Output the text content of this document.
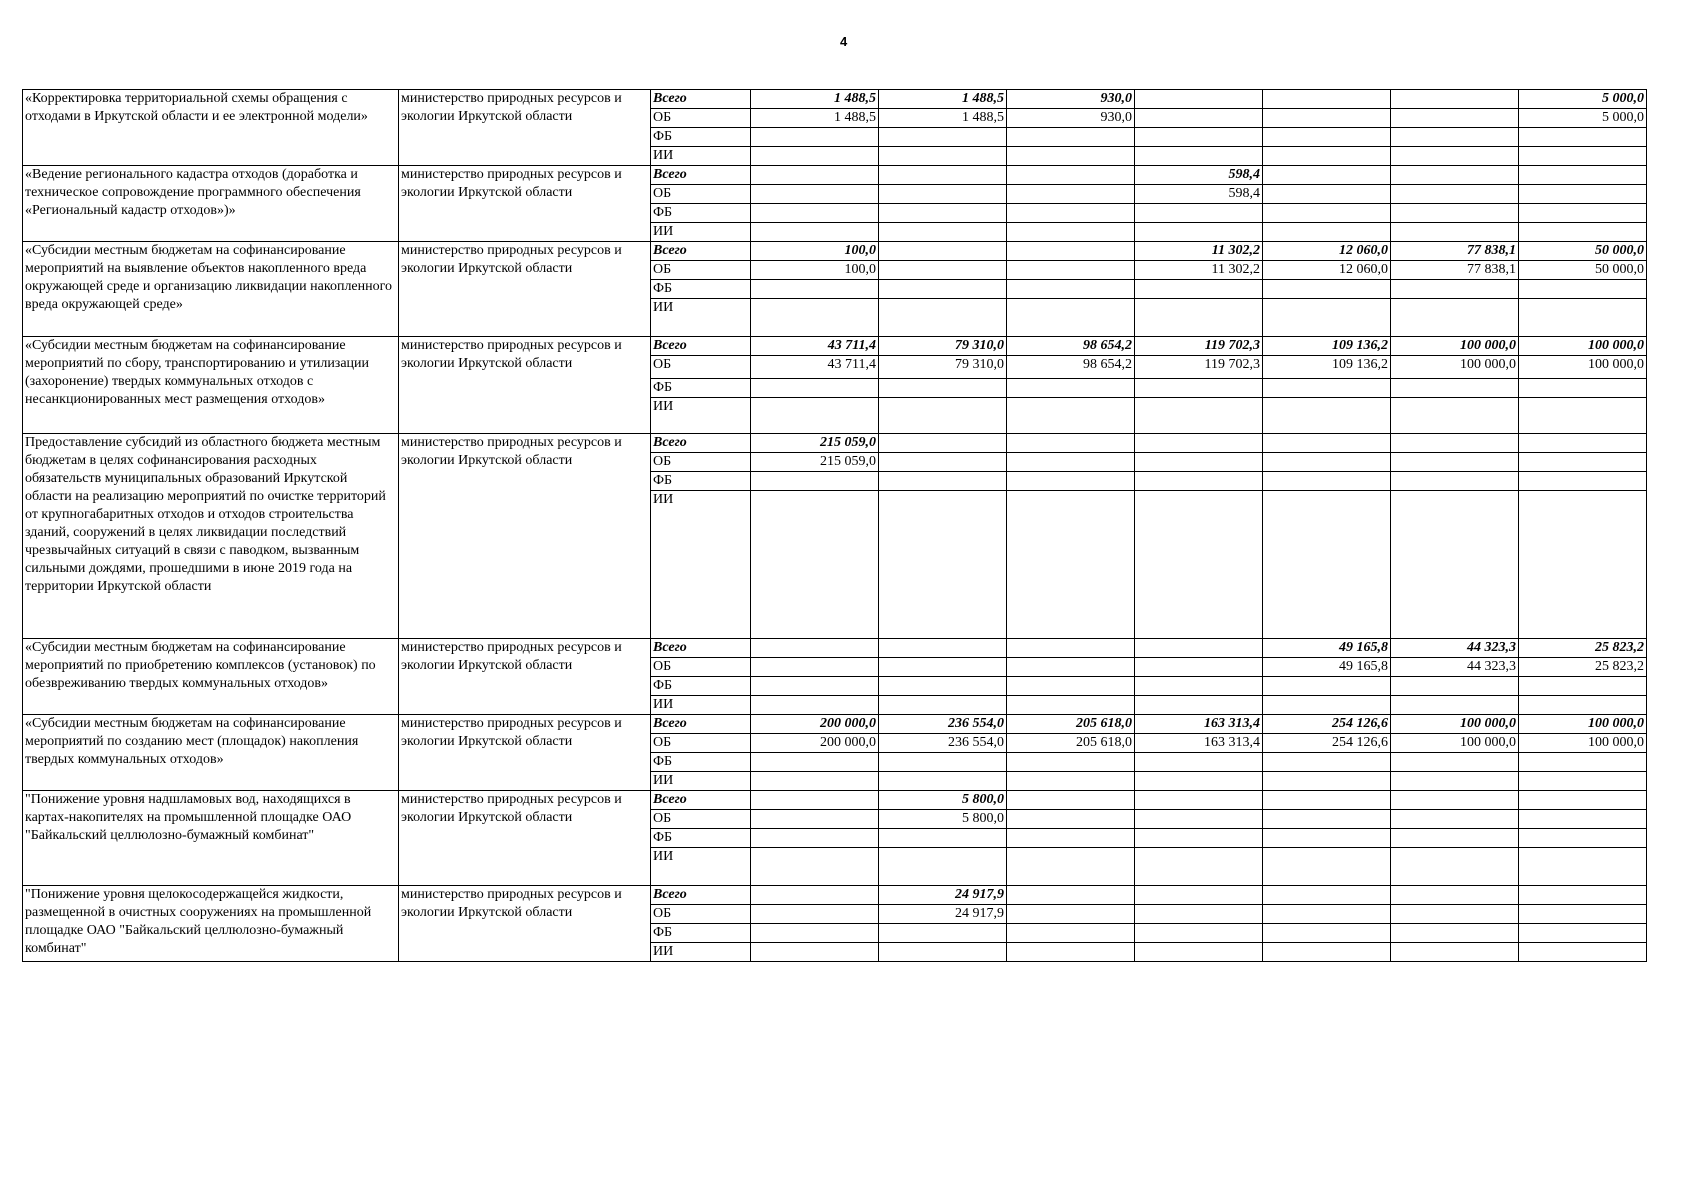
4
«Корректировка территориальной схемы обращения с отходами в Иркутской области и ее электронной модели»	министерство природных ресурсов и экологии Иркутской области	Всего	1 488,5	1 488,5	930,0				5 000,0
		ОБ	1 488,5	1 488,5	930,0				5 000,0
		ФБ							
		ИИ							
«Ведение регионального кадастра отходов (доработка и техническое сопровождение программного обеспечения «Региональный кадастр отходов»)»	министерство природных ресурсов и экологии Иркутской области	Всего				598,4			
		ОБ				598,4			
		ФБ							
		ИИ							
«Субсидии местным бюджетам на софинансирование мероприятий на выявление объектов накопленного вреда окружающей среде и организацию ликвидации накопленного вреда окружающей среде»	министерство природных ресурсов и экологии Иркутской области	Всего	100,0			11 302,2	12 060,0	77 838,1	50 000,0
		ОБ	100,0			11 302,2	12 060,0	77 838,1	50 000,0
		ФБ							
		ИИ							
«Субсидии местным бюджетам на софинансирование мероприятий по сбору, транспортированию и утилизации (захоронение) твердых коммунальных отходов с несанкционированных мест размещения отходов»	министерство природных ресурсов и экологии Иркутской области	Всего	43 711,4	79 310,0	98 654,2	119 702,3	109 136,2	100 000,0	100 000,0
		ОБ	43 711,4	79 310,0	98 654,2	119 702,3	109 136,2	100 000,0	100 000,0
		ФБ							
		ИИ							
Предоставление субсидий из областного бюджета местным бюджетам в целях софинансирования расходных обязательств муниципальных образований Иркутской области на реализацию мероприятий по очистке территорий от крупногабаритных отходов и отходов строительства зданий, сооружений в целях ликвидации последствий чрезвычайных ситуаций в связи с паводком, вызванным сильными дождями, прошедшими в июне 2019 года на территории Иркутской области	министерство природных ресурсов и экологии Иркутской области	Всего	215 059,0						
		ОБ	215 059,0						
		ФБ							
		ИИ							
«Субсидии местным бюджетам на софинансирование мероприятий по приобретению комплексов (установок) по обезвреживанию твердых коммунальных отходов»	министерство природных ресурсов и экологии Иркутской области	Всего					49 165,8	44 323,3	25 823,2
		ОБ					49 165,8	44 323,3	25 823,2
		ФБ							
		ИИ							
«Субсидии местным бюджетам на софинансирование мероприятий по созданию мест (площадок) накопления твердых коммунальных отходов»	министерство природных ресурсов и экологии Иркутской области	Всего	200 000,0	236 554,0	205 618,0	163 313,4	254 126,6	100 000,0	100 000,0
		ОБ	200 000,0	236 554,0	205 618,0	163 313,4	254 126,6	100 000,0	100 000,0
		ФБ							
		ИИ							
"Понижение уровня надшламовых вод, находящихся в картах-накопителях на промышленной площадке ОАО "Байкальский целлюлозно-бумажный комбинат"	министерство природных ресурсов и экологии Иркутской области	Всего		5 800,0					
		ОБ		5 800,0					
		ФБ							
		ИИ							
"Понижение уровня щелокосодержащейся жидкости, размещенной в очистных сооружениях на промышленной площадке ОАО "Байкальский целлюлозно-бумажный комбинат"	министерство природных ресурсов и экологии Иркутской области	Всего		24 917,9					
		ОБ		24 917,9					
		ФБ							
		ИИ							
